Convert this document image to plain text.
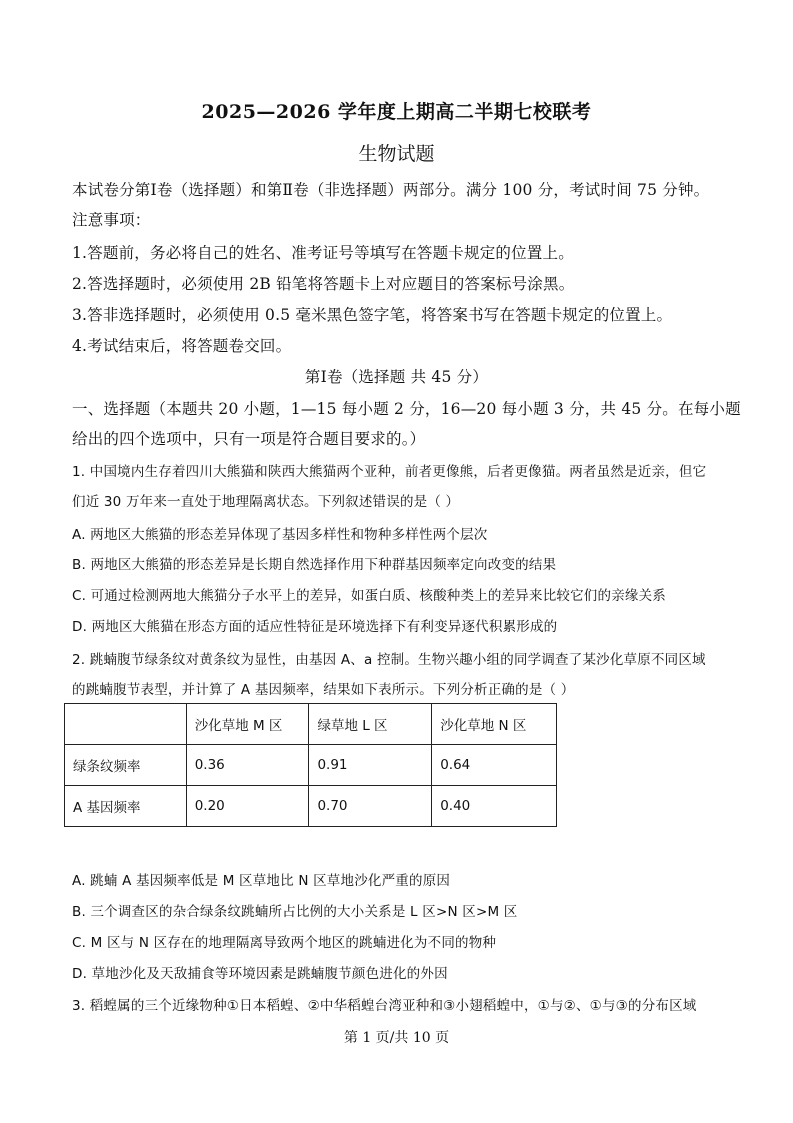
2025—2026 学年度上期高二半期七校联考
生物试题
本试卷分第Ⅰ卷（选择题）和第Ⅱ卷（非选择题）两部分。满分 100 分，考试时间 75 分钟。
注意事项：
1.答题前，务必将自己的姓名、准考证号等填写在答题卡规定的位置上。
2.答选择题时，必须使用 2B 铅笔将答题卡上对应题目的答案标号涂黑。
3.答非选择题时，必须使用 0.5 毫米黑色签字笔，将答案书写在答题卡规定的位置上。
4.考试结束后，将答题卷交回。
第Ⅰ卷（选择题 共 45 分）
一、选择题（本题共 20 小题，1—15 每小题 2 分，16—20 每小题 3 分，共 45 分。在每小题
给出的四个选项中，只有一项是符合题目要求的。）
1. 中国境内生存着四川大熊猫和陕西大熊猫两个亚种，前者更像熊，后者更像猫。两者虽然是近亲，但它
们近 30 万年来一直处于地理隔离状态。下列叙述错误的是（ ）
A. 两地区大熊猫的形态差异体现了基因多样性和物种多样性两个层次
B. 两地区大熊猫的形态差异是长期自然选择作用下种群基因频率定向改变的结果
C. 可通过检测两地大熊猫分子水平上的差异，如蛋白质、核酸种类上的差异来比较它们的亲缘关系
D. 两地区大熊猫在形态方面的适应性特征是环境选择下有利变异逐代积累形成的
2. 跳蝻腹节绿条纹对黄条纹为显性，由基因 A、a 控制。生物兴趣小组的同学调查了某沙化草原不同区域
的跳蝻腹节表型，并计算了 A 基因频率，结果如下表所示。下列分析正确的是（ ）
	沙化草地 M 区	绿草地 L 区	沙化草地 N 区
绿条纹频率	0.36	0.91	0.64
A 基因频率	0.20	0.70	0.40
A. 跳蝻 A 基因频率低是 M 区草地比 N 区草地沙化严重的原因
B. 三个调查区的杂合绿条纹跳蝻所占比例的大小关系是 L 区>N 区>M 区
C. M 区与 N 区存在的地理隔离导致两个地区的跳蝻进化为不同的物种
D. 草地沙化及天敌捕食等环境因素是跳蝻腹节颜色进化的外因
3. 稻蝗属的三个近缘物种①日本稻蝗、②中华稻蝗台湾亚种和③小翅稻蝗中，①与②、①与③的分布区域
第 1 页/共 10 页
